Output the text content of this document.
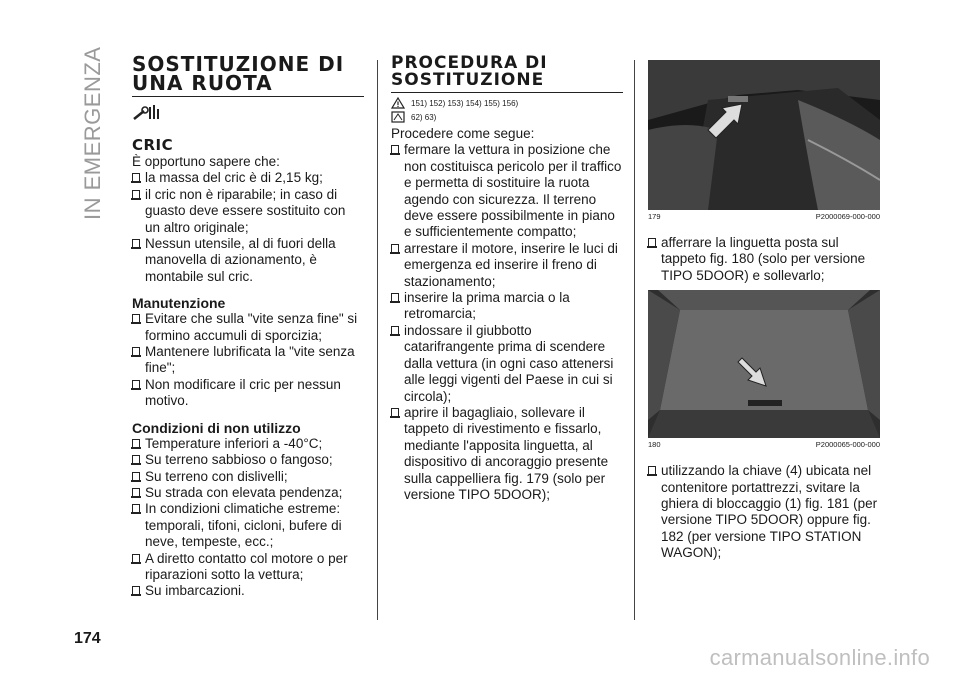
IN EMERGENZA SOSTITUZIONE DI
UNA RUOTA
CRIC

È opportuno sapere che:

la massa del cric è di 2,15 kg;

il cric non è riparabile; in caso di guasto deve essere sostituito con un altro originale;

Nessun utensile, al di fuori della manovella di azionamento, è montabile sul cric.

Manutenzione

Evitare che sulla "vite senza fine" si formino accumuli di sporcizia;

Mantenere lubrificata la "vite senza fine";

Non modificare il cric per nessun motivo.

Condizioni di non utilizzo

Temperature inferiori a -40°C;

Su terreno sabbioso o fangoso;

Su terreno con dislivelli;

Su strada con elevata pendenza;

In condizioni climatiche estreme: temporali, tifoni, cicloni, bufere di neve, tempeste, ecc.;

A diretto contatto col motore o per riparazioni sotto la vettura;

Su imbarcazioni.

PROCEDURA DI
SOSTITUZIONE

151) 152) 153) 154) 155) 156)

62) 63)

Procedere come segue:

fermare la vettura in posizione che non costituisca pericolo per il traffico e permetta di sostituire la ruota agendo con sicurezza. Il terreno deve essere possibilmente in piano e sufficientemente compatto;

arrestare il motore, inserire le luci di emergenza ed inserire il freno di stazionamento;

inserire la prima marcia o la retromarcia;

indossare il giubbotto catarifrangente prima di scendere dalla vettura (in ogni caso attenersi alle leggi vigenti del Paese in cui si circola);

aprire il bagagliaio, sollevare il tappeto di rivestimento e fissarlo, mediante l'apposita linguetta, al dispositivo di ancoraggio presente sulla cappelliera fig. 179 (solo per versione TIPO 5DOOR);

179	P2000069-000-000

afferrare la linguetta posta sul tappeto fig. 180 (solo per versione TIPO 5DOOR) e sollevarlo;

180	P2000065-000-000

utilizzando la chiave (4) ubicata nel contenitore portattrezzi, svitare la ghiera di bloccaggio (1) fig. 181 (per versione TIPO 5DOOR) oppure fig. 182 (per versione TIPO STATION WAGON);

174
carmanualsonline.info
